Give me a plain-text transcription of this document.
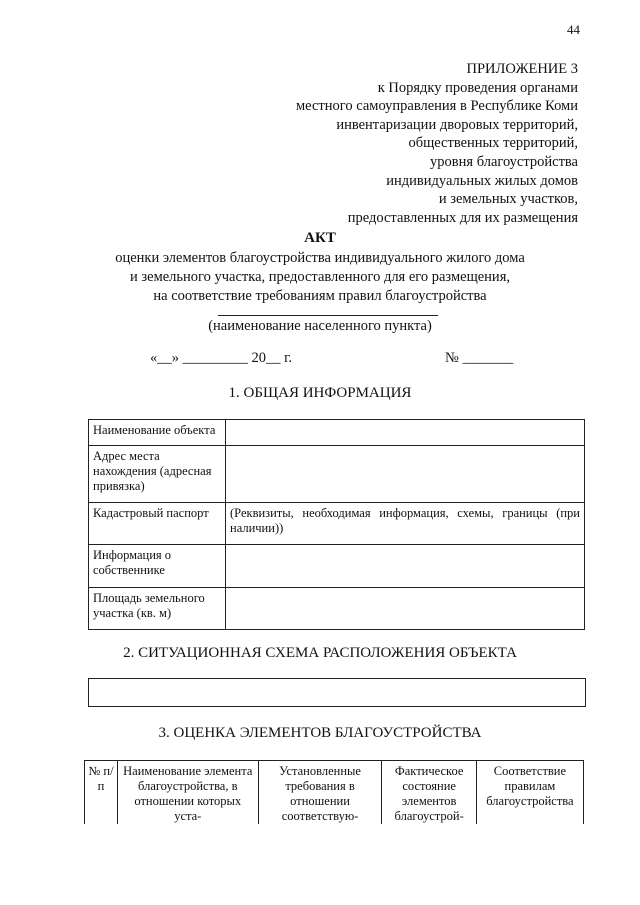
44
ПРИЛОЖЕНИЕ 3
к Порядку проведения органами
местного самоуправления в Республике Коми
инвентаризации дворовых территорий,
общественных территорий,
уровня благоустройства
индивидуальных жилых домов
и земельных участков,
предоставленных для их размещения
АКТ
оценки элементов благоустройства индивидуального жилого дома
и земельного участка, предоставленного для его размещения,
на соответствие требованиям правил благоустройства
(наименование населенного пункта)
«__» _________ 20__ г.	№ _______
1. ОБЩАЯ ИНФОРМАЦИЯ
Наименование объекта	
Адрес места нахождения (адресная привязка)	
Кадастровый паспорт	(Реквизиты, необходимая информация, схемы, границы (при наличии))
Информация о собственнике	
Площадь земельного участка (кв. м)	
2. СИТУАЦИОННАЯ СХЕМА РАСПОЛОЖЕНИЯ ОБЪЕКТА
3. ОЦЕНКА ЭЛЕМЕНТОВ БЛАГОУСТРОЙСТВА
№ п/п	Наименование элемента благоустройства, в отношении которых уста-	Установленные требования в отношении соответствую-	Фактическое состояние элементов благоустрой-	Соответствие правилам благоустройства
